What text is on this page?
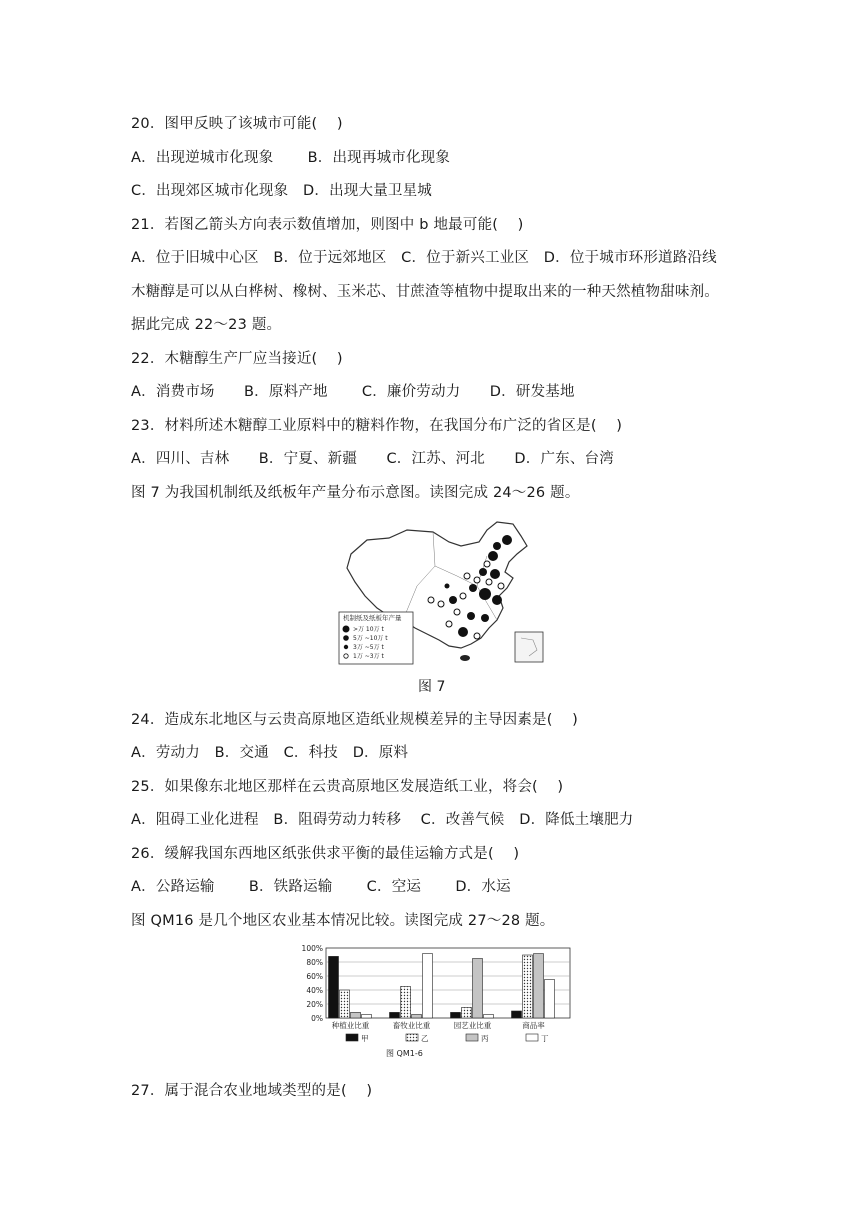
20．图甲反映了该城市可能(　 )
A．出现逆城市化现象　　 B．出现再城市化现象
C．出现郊区城市化现象　D．出现大量卫星城
21．若图乙箭头方向表示数值增加，则图中 b 地最可能(　 )
A．位于旧城中心区　B．位于远郊地区　C．位于新兴工业区　D．位于城市环形道路沿线
木糖醇是可以从白桦树、橡树、玉米芯、甘蔗渣等植物中提取出来的一种天然植物甜味剂。
据此完成 22～23 题。
22．木糖醇生产厂应当接近(　 )
A．消费市场　　B．原料产地　　 C．廉价劳动力　　D．研发基地
23．材料所述木糖醇工业原料中的糖料作物，在我国分布广泛的省区是(　 )
A．四川、吉林　　B．宁夏、新疆　　C．江苏、河北　　D．广东、台湾
图 7 为我国机制纸及纸板年产量分布示意图。读图完成 24～26 题。
机制纸及纸板年产量
>万 10万 t
5万 ~10万 t
3万 ~5万 t
1万 ~3万 t
图 7
24．造成东北地区与云贵高原地区造纸业规模差异的主导因素是(　 )
A．劳动力　B．交通　C．科技　D．原料
25．如果像东北地区那样在云贵高原地区发展造纸工业，将会(　 )
A．阻碍工业化进程　B．阻碍劳动力转移　 C．改善气候　D．降低土壤肥力
26．缓解我国东西地区纸张供求平衡的最佳运输方式是(　 )
A．公路运输　　 B．铁路运输　　 C．空运　　 D．水运
图 QM16 是几个地区农业基本情况比较。读图完成 27～28 题。
0%
20%
40%
60%
80%
100%
种植业比重	畜牧业比重	园艺业比重	商品率
甲	乙	丙	丁
图 QM1-6
27．属于混合农业地域类型的是(　 )
